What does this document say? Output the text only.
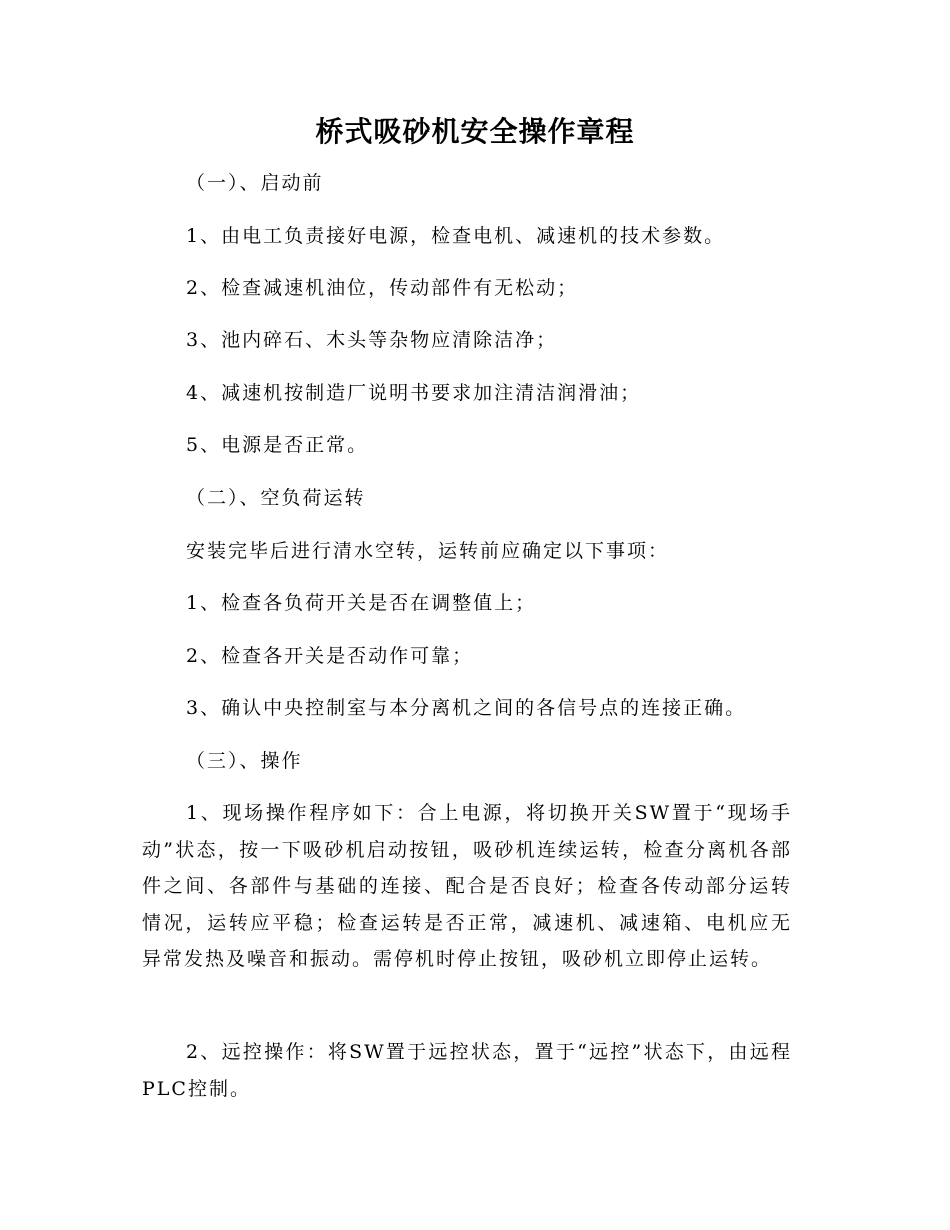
桥式吸砂机安全操作章程
（一）、启动前
1、由电工负责接好电源，检查电机、减速机的技术参数。
2、检查减速机油位，传动部件有无松动；
3、池内碎石、木头等杂物应清除洁净；
4、减速机按制造厂说明书要求加注清洁润滑油；
5、电源是否正常。
（二）、空负荷运转
安装完毕后进行清水空转，运转前应确定以下事项：
1、检查各负荷开关是否在调整值上；
2、检查各开关是否动作可靠；
3、确认中央控制室与本分离机之间的各信号点的连接正确。
（三）、操作
1、现场操作程序如下：合上电源，将切换开关SW置于“现场手动”状态，按一下吸砂机启动按钮，吸砂机连续运转，检查分离机各部件之间、各部件与基础的连接、配合是否良好；检查各传动部分运转情况，运转应平稳；检查运转是否正常，减速机、减速箱、电机应无异常发热及噪音和振动。需停机时停止按钮，吸砂机立即停止运转。
2、远控操作：将SW置于远控状态，置于“远控”状态下，由远程PLC控制。
